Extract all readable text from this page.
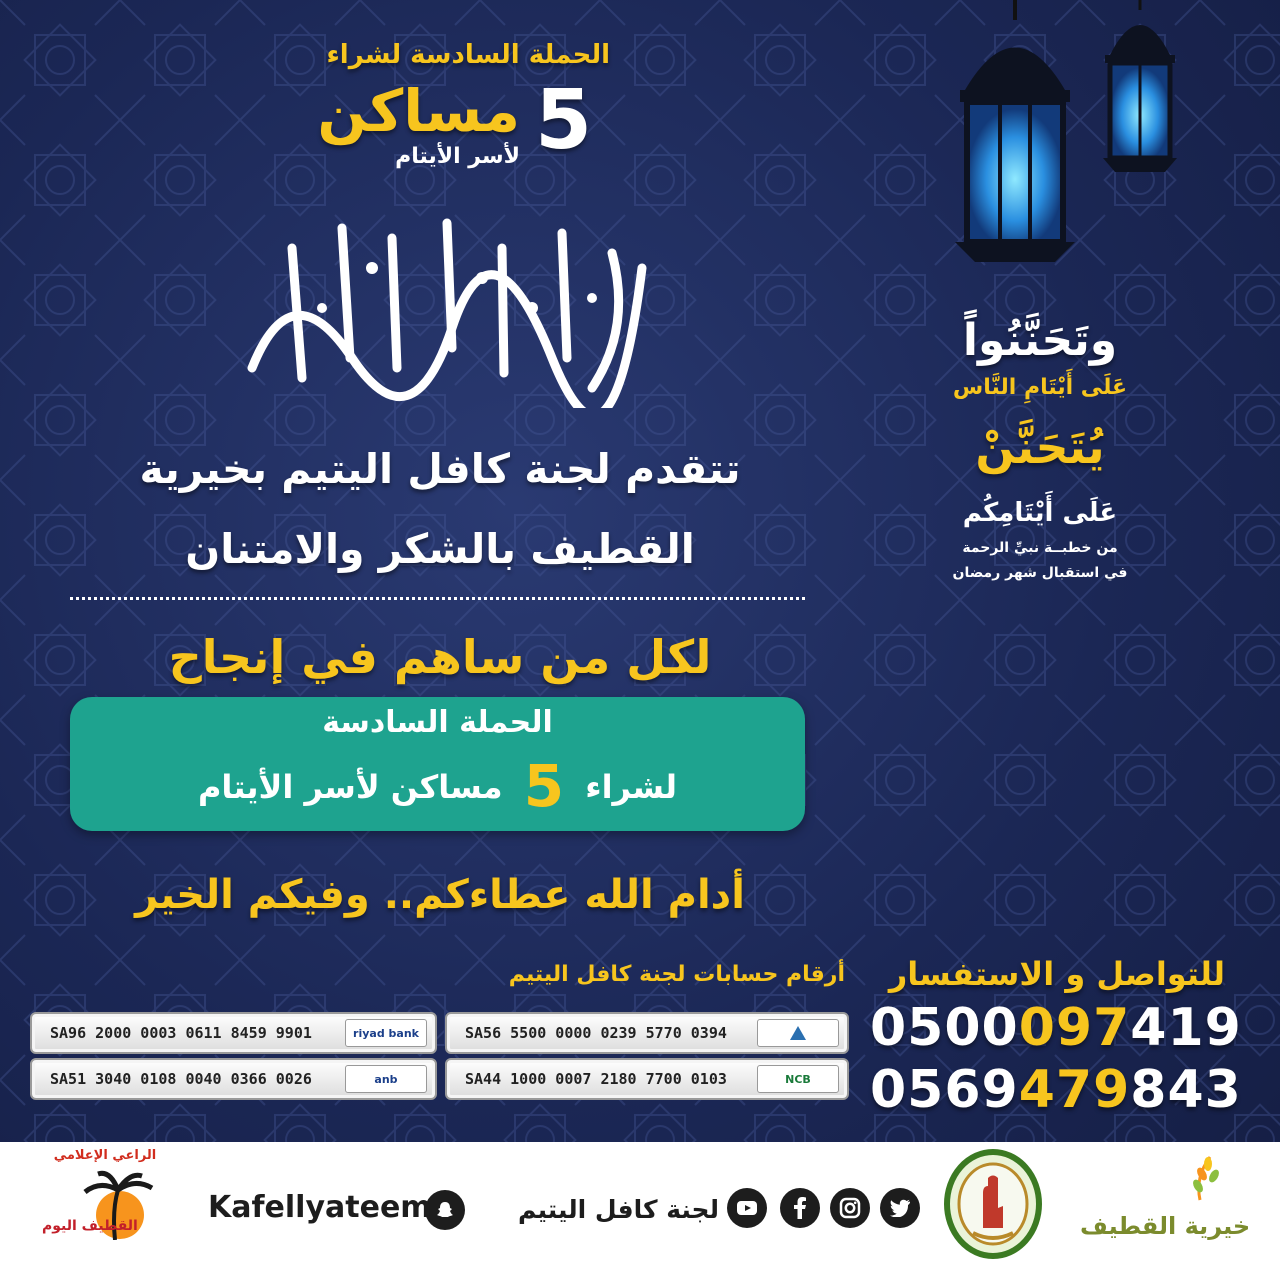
الحملة السادسة لشراء
5
مساكن
لأسر الأيتام
تتقدم لجنة كافل اليتيم بخيرية
القطيف بالشكر والامتنان
لكل من ساهم في إنجاح
الحملة السادسة
لشراء 5 مساكن لأسر الأيتام
أدام الله عطاءكم.. وفيكم الخير
وتَحَنَّنُواً
عَلَى أَيْتَامِ النَّاس
يُتَحَنَّنْ
عَلَى أَيْتَامِكُم
من خطبــة نبيِّ الرحمة
في استقبال شهر رمضان
للتواصل و الاستفسار
0500097419
0569479843
أرقام حسابات لجنة كافل اليتيم
SA96 2000 0003 0611 8459 9901	riyad bank
SA51 3040 0108 0040 0366 0026	anb
SA56 5500 0000 0239 5770 0394
SA44 1000 0007 2180 7700 0103	NCB
الراعي الإعلامي
القطيف اليوم
Kafellyateem	لجنة كافل اليتيم
خيرية القطيف
